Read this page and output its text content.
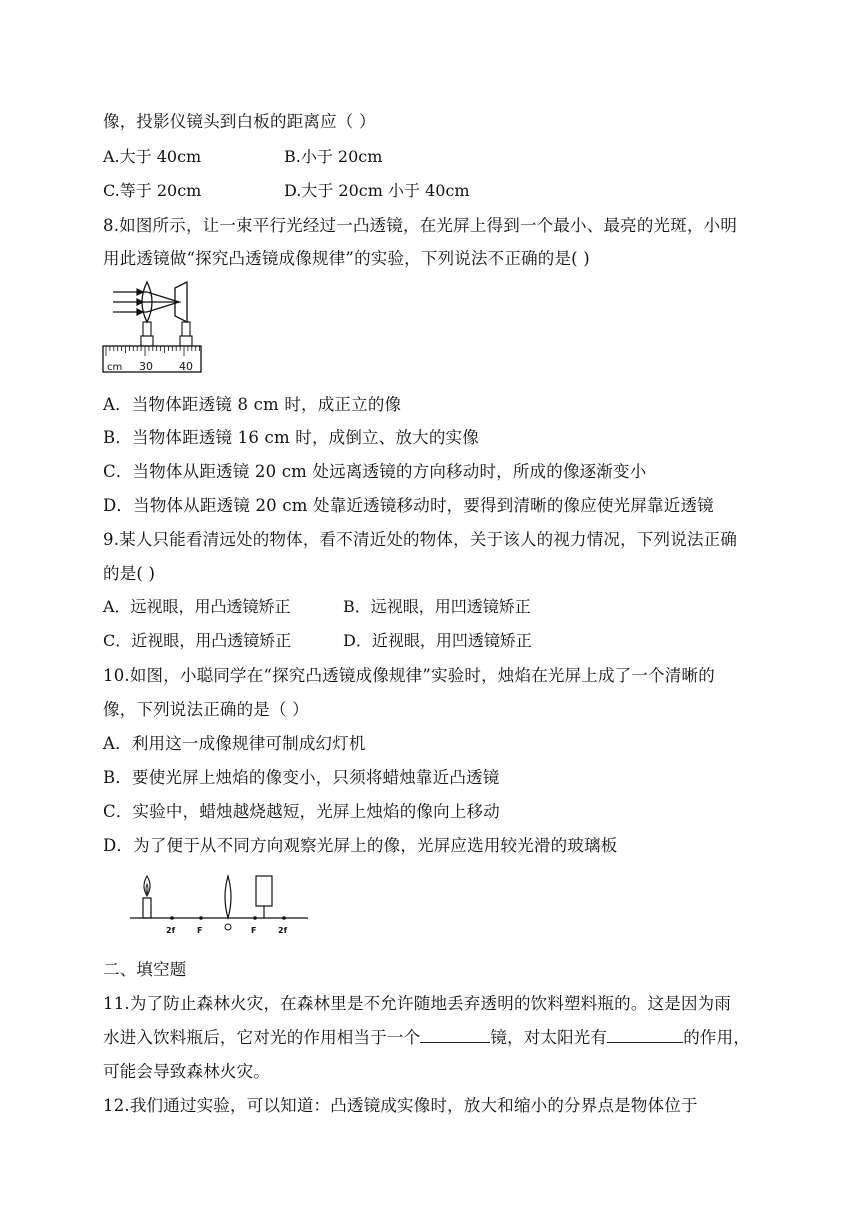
像，投影仪镜头到白板的距离应（ ）
A.大于 40cm	B.小于 20cm
C.等于 20cm	D.大于 20cm 小于 40cm
8.如图所示，让一束平行光经过一凸透镜，在光屏上得到一个最小、最亮的光斑，小明
用此透镜做“探究凸透镜成像规律”的实验，下列说法不正确的是( )
cm 30 40
A．当物体距透镜 8 cm 时，成正立的像
B．当物体距透镜 16 cm 时，成倒立、放大的实像
C．当物体从距透镜 20 cm 处远离透镜的方向移动时，所成的像逐渐变小
D．当物体从距透镜 20 cm 处靠近透镜移动时，要得到清晰的像应使光屏靠近透镜
9.某人只能看清远处的物体，看不清近处的物体，关于该人的视力情况，下列说法正确
的是( )
A．远视眼，用凸透镜矫正	B．远视眼，用凹透镜矫正
C．近视眼，用凸透镜矫正	D．近视眼，用凹透镜矫正
10.如图，小聪同学在“探究凸透镜成像规律”实验时，烛焰在光屏上成了一个清晰的
像，下列说法正确的是（ ）
A．利用这一成像规律可制成幻灯机
B．要使光屏上烛焰的像变小，只须将蜡烛靠近凸透镜
C．实验中，蜡烛越烧越短，光屏上烛焰的像向上移动
D．为了便于从不同方向观察光屏上的像，光屏应选用较光滑的玻璃板
2f	F	F	2f
二、填空题
11.为了防止森林火灾，在森林里是不允许随地丢弃透明的饮料塑料瓶的。这是因为雨
水进入饮料瓶后，它对光的作用相当于一个	镜，对太阳光有	的作用，
可能会导致森林火灾。
12.我们通过实验，可以知道：凸透镜成实像时，放大和缩小的分界点是物体位于
